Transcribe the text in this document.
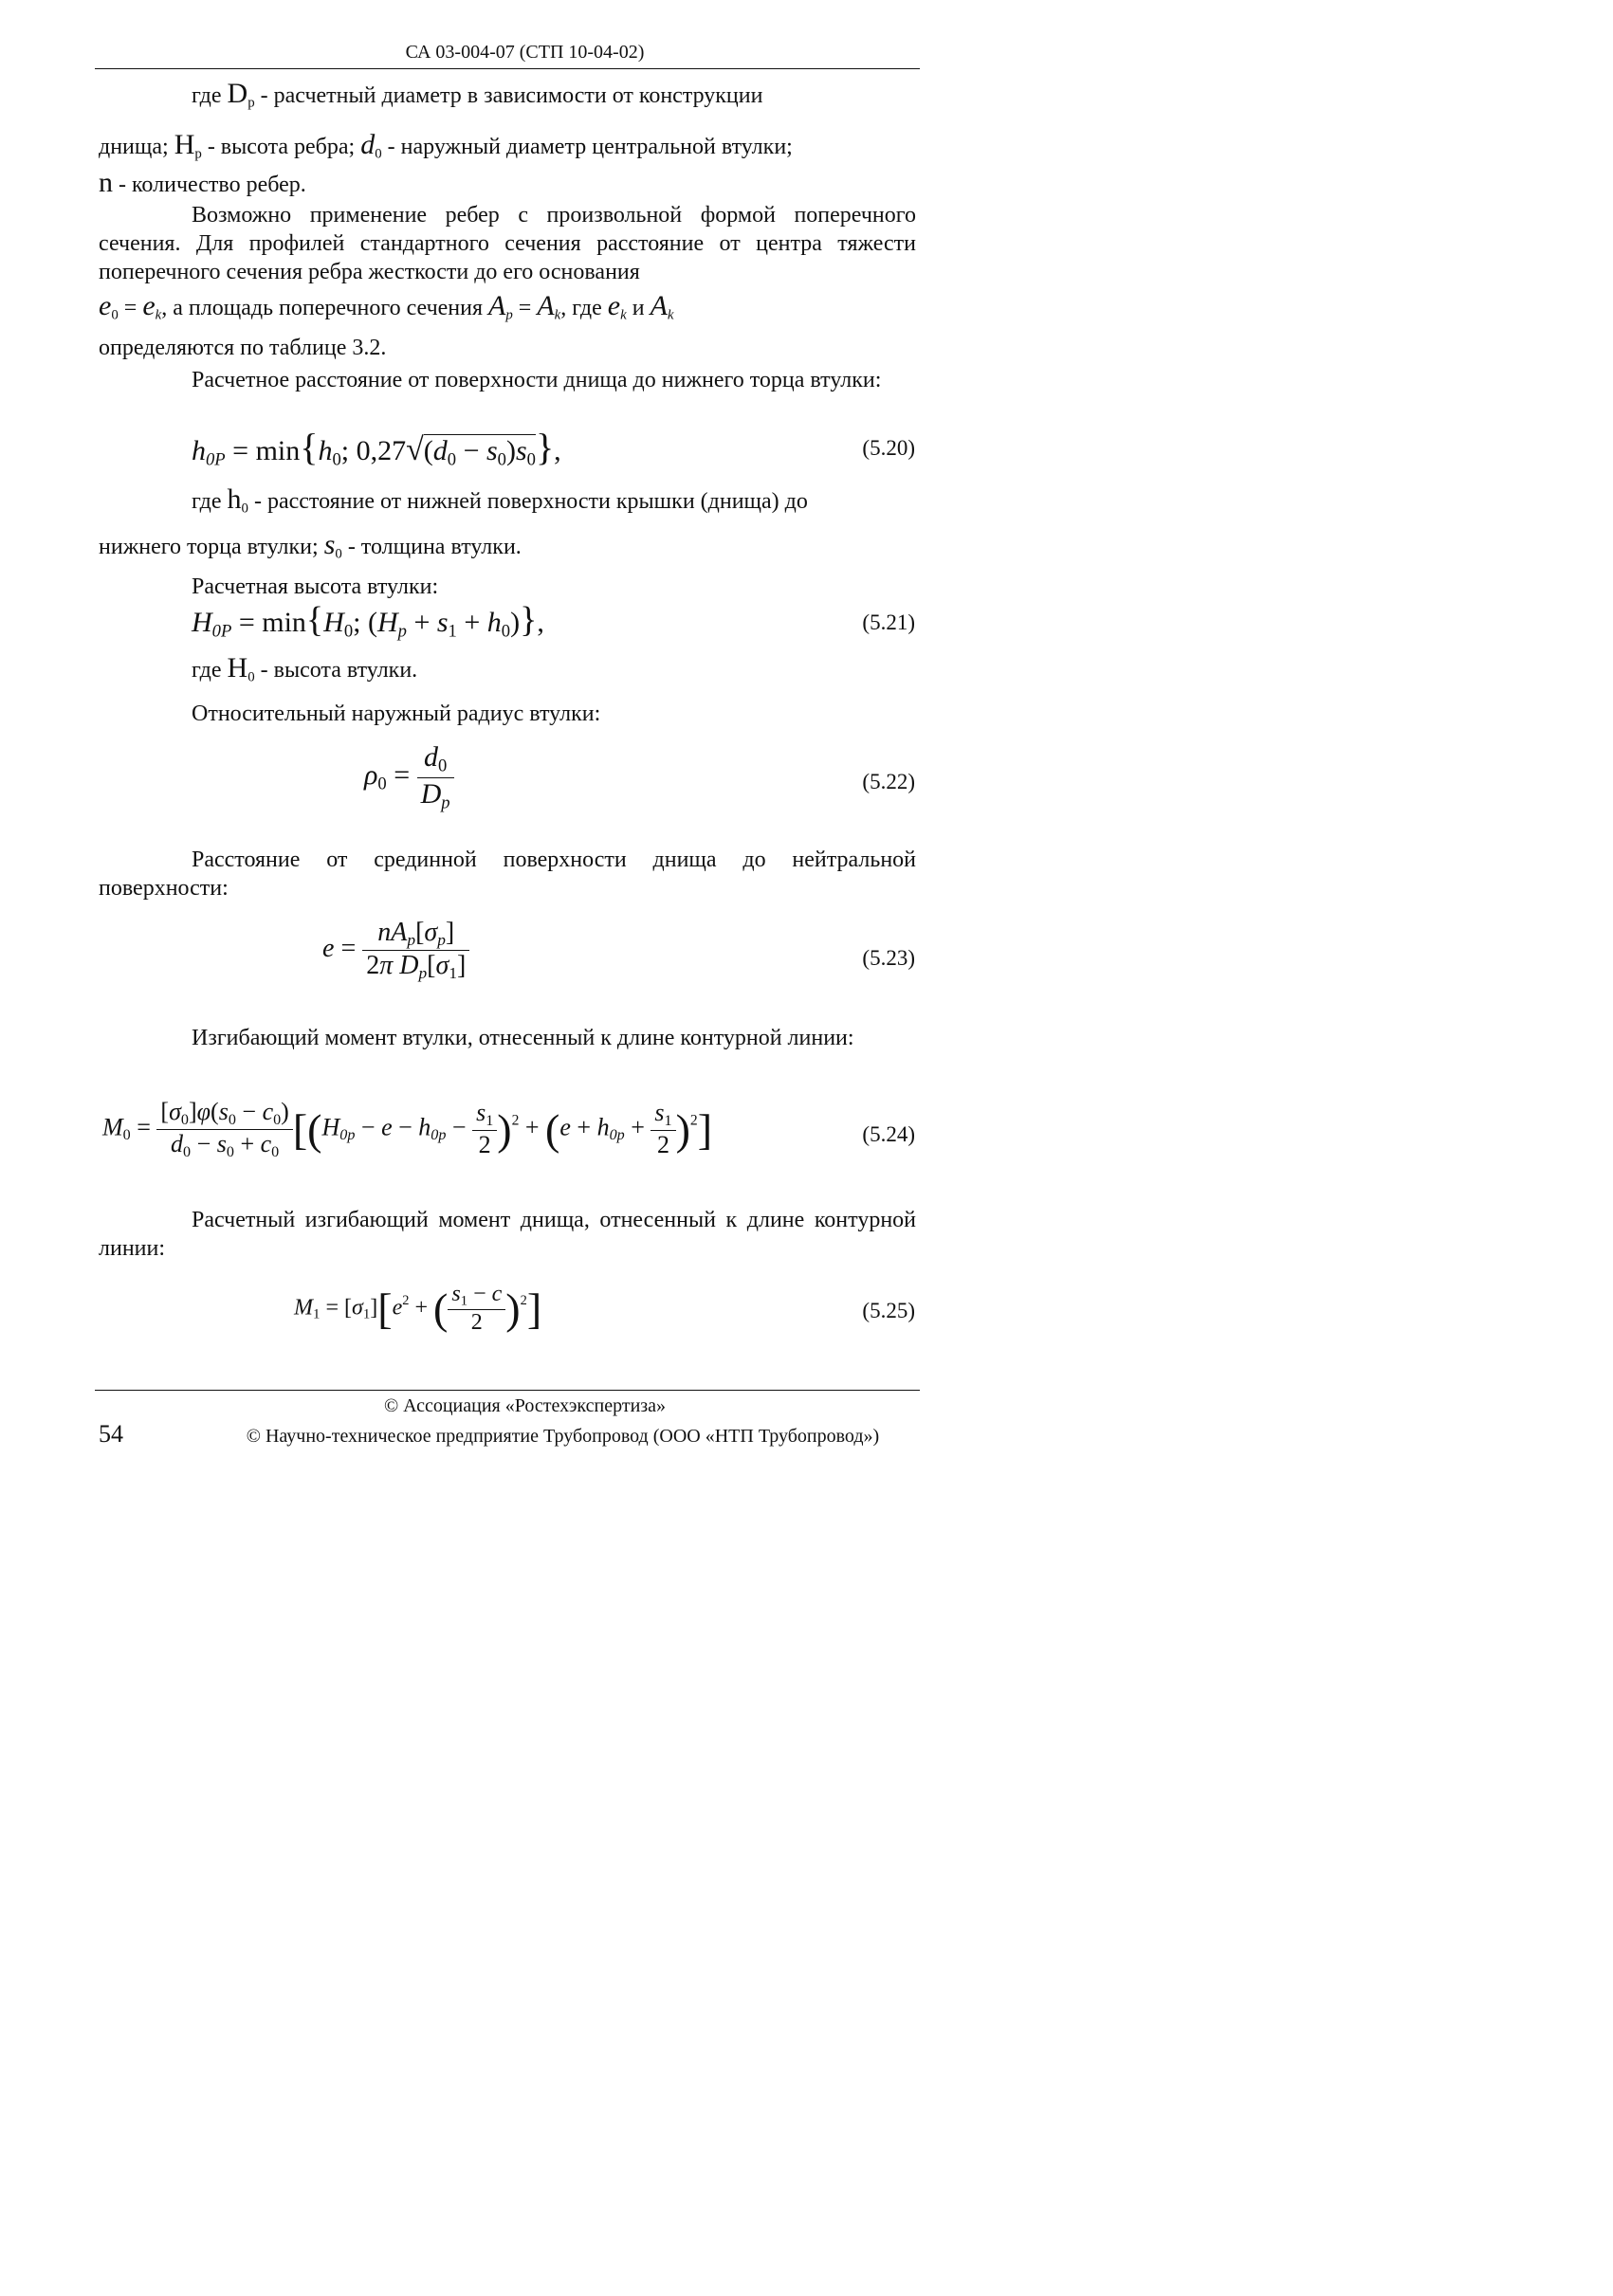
СА 03-004-07 (СТП 10-04-02)
где $D_р$ - расчетный диаметр в зависимости от конструкции
днища; $Н_р$ - высота ребра; $d_0$ - наружный диаметр центральной втулки;
n - количество ребер.
Возможно применение ребер с произвольной формой поперечного сечения. Для профилей стандартного сечения расстояние от центра тяжести поперечного сечения ребра жесткости до его основания
$e_0 = e_k$, а площадь поперечного сечения $A_p = A_k$, где $e_k$ и $A_k$
определяются по таблице 3.2.
Расчетное расстояние от поверхности днища до нижнего торца втулки:
$h_{0P} = \min\{h_0$; $0,27√(d_0 - s_0)s_0$},	(5.20)
где $h_0$ - расстояние от нижней поверхности крышки (днища) до
нижнего торца втулки; $s_0$ - толщина втулки.
Расчетная высота втулки:
$H_{0P} = \min\{H_0$; $(H_p + s_1 + h_0)$},	(5.21)
где $Н_0$ - высота втулки.
Относительный наружный радиус втулки:
$\rho_0 = \frac{d_0}{D_p}$	(5.22)
Расстояние от срединной поверхности днища до нейтральной поверхности:
$e = \frac{nA_p[\sigma_p]}{2\pi D_p[\sigma_1]}$	(5.23)
Изгибающий момент втулки, отнесенный к длине контурной линии:
$M_0 = \frac{[\sigma_0]\varphi(s_0 - c_0)}{d_0 - s_0 + c_0} [(H_{0p} - e - h_{0p} - \frac{s_1}{2} )^2 + (e + h_{0p} + \frac{s_1}{2} )^2]$	(5.24)
Расчетный изгибающий момент днища, отнесенный к длине контурной линии:
$M_1 = [\sigma_1][e^2$ + ( $\frac{s_1 - c}{2} )^2$]	(5.25)
© Ассоциация «Ростехэкспертиза»
54	© Научно-техническое предприятие Трубопровод (ООО «НТП Трубопровод»)
